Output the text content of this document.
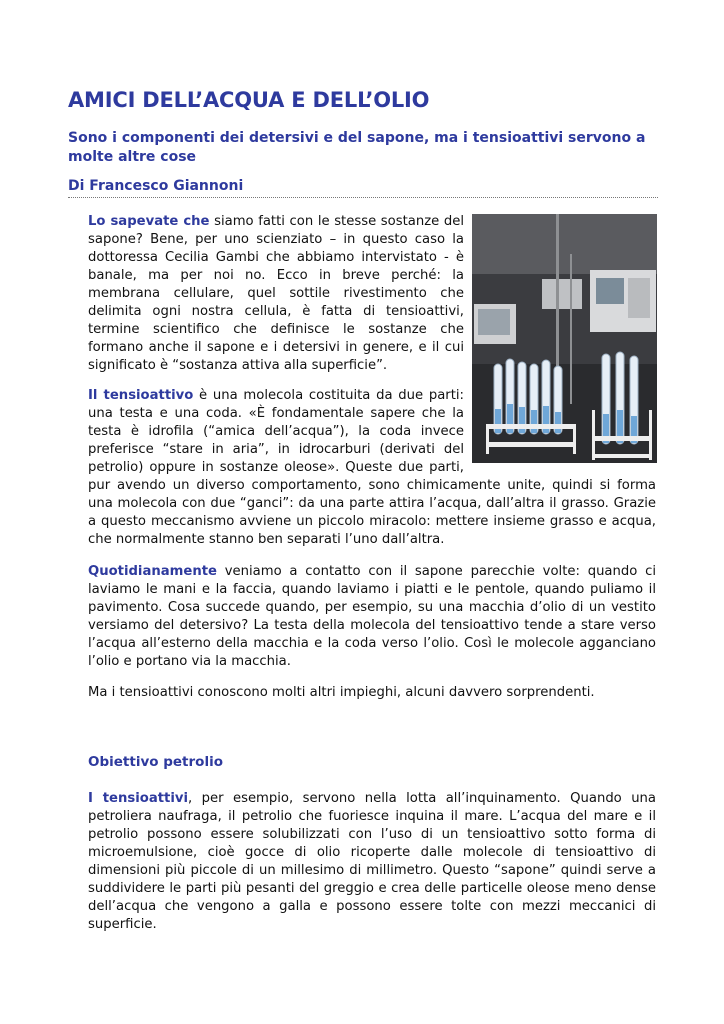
AMICI DELL’ACQUA E DELL’OLIO
Sono i componenti dei detersivi e del sapone, ma i tensioattivi servono a molte altre cose
Di Francesco Giannoni
Lo sapevate che siamo fatti con le stesse sostanze del sapone? Bene, per uno scienziato – in questo caso la dottoressa Cecilia Gambi che abbiamo intervistato - è banale, ma per noi no. Ecco in breve perché: la membrana cellulare, quel sottile rivestimento che delimita ogni nostra cellula, è fatta di tensioattivi, termine scientifico che definisce le sostanze che formano anche il sapone e i detersivi in genere, e il cui significato è “sostanza attiva alla superficie”.
Il tensioattivo è una molecola costituita da due parti: una testa e una coda. «È fondamentale sapere che la testa è idrofila (“amica dell’acqua”), la coda invece preferisce “stare in aria”, in idrocarburi (derivati del petrolio) oppure in sostanze oleose». Queste due parti, pur avendo un diverso comportamento, sono chimicamente unite, quindi si forma una molecola con due “ganci”: da una parte attira l’acqua, dall’altra il grasso. Grazie a questo meccanismo avviene un piccolo miracolo: mettere insieme grasso e acqua, che normalmente stanno ben separati l’uno dall’altra.
Quotidianamente veniamo a contatto con il sapone parecchie volte: quando ci laviamo le mani e la faccia, quando laviamo i piatti e le pentole, quando puliamo il pavimento. Cosa succede quando, per esempio, su una macchia d’olio di un vestito versiamo del detersivo? La testa della molecola del tensioattivo tende a stare verso l’acqua all’esterno della macchia e la coda verso l’olio. Così le molecole agganciano l’olio e portano via la macchia.
Ma i tensioattivi conoscono molti altri impieghi, alcuni davvero sorprendenti.
Obiettivo petrolio
I tensioattivi, per esempio, servono nella lotta all’inquinamento. Quando una petroliera naufraga, il petrolio che fuoriesce inquina il mare. L’acqua del mare e il petrolio possono essere solubilizzati con l’uso di un tensioattivo sotto forma di microemulsione, cioè gocce di olio ricoperte dalle molecole di tensioattivo di dimensioni più piccole di un millesimo di millimetro. Questo “sapone” quindi serve a suddividere le parti più pesanti del greggio e crea delle particelle oleose meno dense dell’acqua che vengono a galla e possono essere tolte con mezzi meccanici di superficie.
